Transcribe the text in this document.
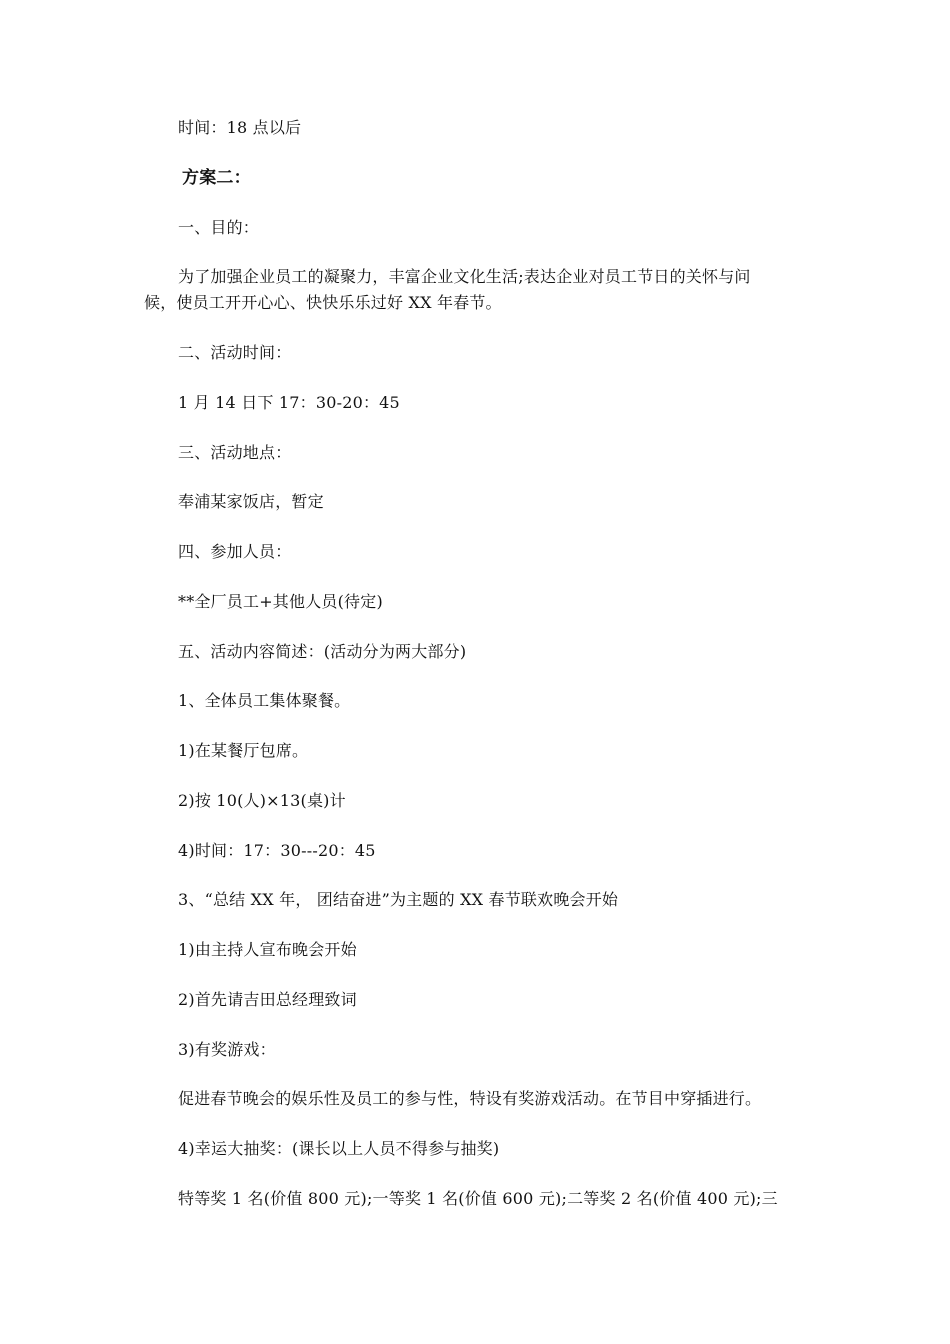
时间：18 点以后
方案二：
一、目的：
为了加强企业员工的凝聚力，丰富企业文化生活;表达企业对员工节日的关怀与问
候，使员工开开心心、快快乐乐过好 XX 年春节。
二、活动时间：
1 月 14 日下 17：30-20：45
三、活动地点：
奉浦某家饭店，暂定
四、参加人员：
**全厂员工+其他人员(待定)
五、活动内容简述：(活动分为两大部分)
1、全体员工集体聚餐。
1)在某餐厅包席。
2)按 10(人)×13(桌)计
4)时间：17：30---20：45
3、“总结 XX 年， 团结奋进”为主题的 XX 春节联欢晚会开始
1)由主持人宣布晚会开始
2)首先请吉田总经理致词
3)有奖游戏：
促进春节晚会的娱乐性及员工的参与性，特设有奖游戏活动。在节目中穿插进行。
4)幸运大抽奖：(课长以上人员不得参与抽奖)
特等奖 1 名(价值 800 元);一等奖 1 名(价值 600 元);二等奖 2 名(价值 400 元);三
